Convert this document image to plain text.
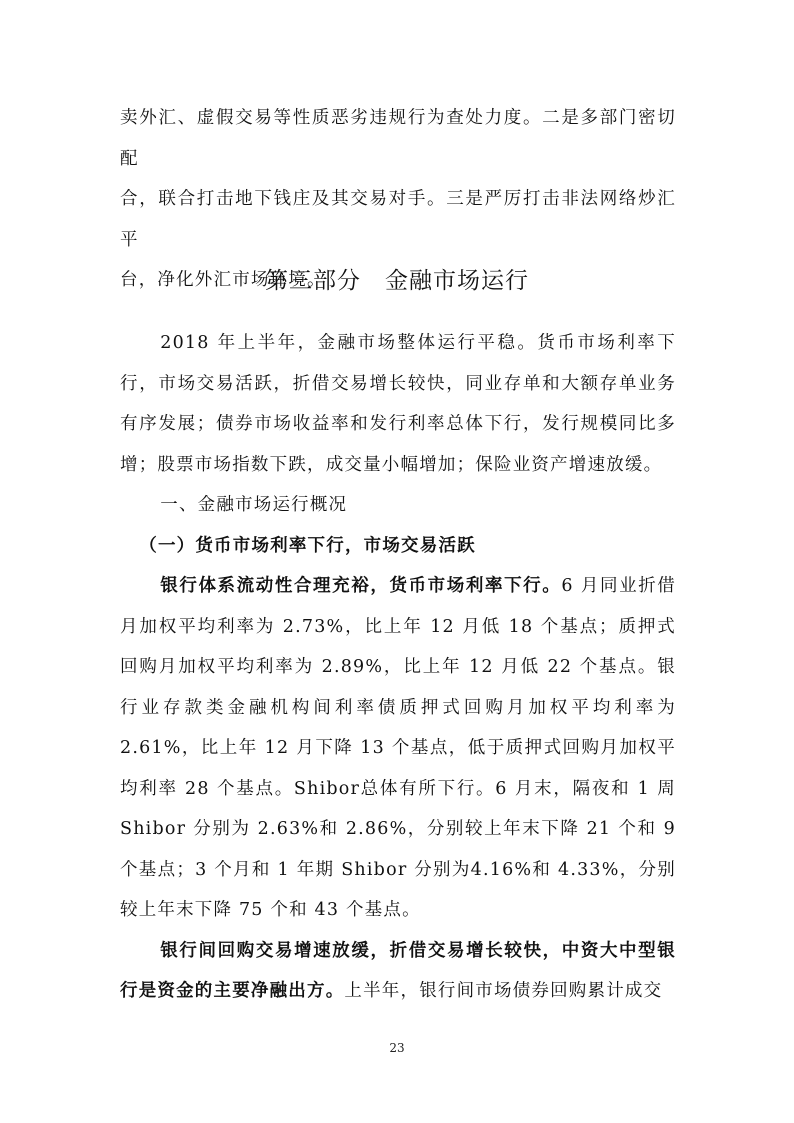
卖外汇、虚假交易等性质恶劣违规行为查处力度。二是多部门密切配
合，联合打击地下钱庄及其交易对手。三是严厉打击非法网络炒汇平
台，净化外汇市场环境。
第三部分　金融市场运行

2018 年上半年，金融市场整体运行平稳。货币市场利率下行，市场交易活跃，折借交易增长较快，同业存单和大额存单业务有序发展；债券市场收益率和发行利率总体下行，发行规模同比多增；股票市场指数下跌，成交量小幅增加；保险业资产增速放缓。

一、金融市场运行概况

（一）货币市场利率下行，市场交易活跃

银行体系流动性合理充裕，货币市场利率下行。6 月同业折借月加权平均利率为 2.73%，比上年 12 月低 18 个基点；质押式回购月加权平均利率为 2.89%，比上年 12 月低 22 个基点。银行业存款类金融机构间利率债质押式回购月加权平均利率为 2.61%，比上年 12 月下降 13 个基点，低于质押式回购月加权平均利率 28 个基点。Shibor总体有所下行。6 月末，隔夜和 1 周 Shibor 分别为 2.63%和 2.86%，分别较上年末下降 21 个和 9 个基点；3 个月和 1 年期 Shibor 分别为4.16%和 4.33%，分别较上年末下降 75 个和 43 个基点。

银行间回购交易增速放缓，折借交易增长较快，中资大中型银行是资金的主要净融出方。上半年，银行间市场债券回购累计成交

23
